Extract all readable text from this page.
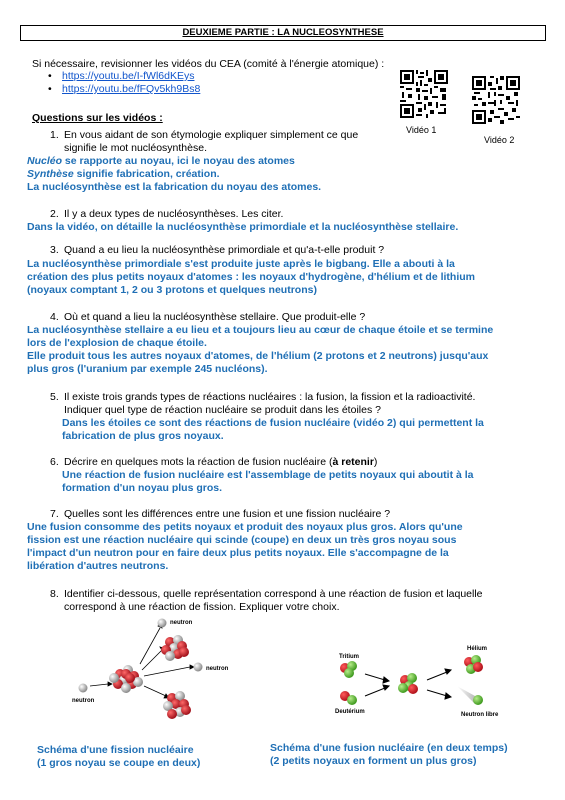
DEUXIEME PARTIE : LA NUCLEOSYNTHESE
Si nécessaire, revisionner les vidéos du CEA (comité à l'énergie atomique) :
• https://youtu.be/I-fWl6dKEys
• https://youtu.be/fFQv5kh9Bs8
Vidéo 1
Vidéo 2
Questions sur les vidéos :
1. En vous aidant de son étymologie expliquer simplement ce que
signifie le mot nucléosynthèse.
Nucléo se rapporte au noyau, ici le noyau des atomes
Synthèse signifie fabrication, création.
La nucléosynthèse est la fabrication du noyau des atomes.
2. Il y a deux types de nucléosynthèses. Les citer.
Dans la vidéo, on détaille la nucléosynthèse primordiale et la nucléosynthèse stellaire.
3. Quand a eu lieu la nucléosynthèse primordiale et qu'a-t-elle produit ?
La nucléosynthèse primordiale s'est produite juste après le bigbang. Elle a abouti à la
création des plus petits noyaux d'atomes : les noyaux d'hydrogène, d'hélium et de lithium
(noyaux comptant 1, 2 ou 3 protons et quelques neutrons)
4. Où et quand a lieu la nucléosynthèse stellaire. Que produit-elle ?
La nucléosynthèse stellaire a eu lieu et a toujours lieu au cœur de chaque étoile et se termine
lors de l'explosion de chaque étoile.
Elle produit tous les autres noyaux d'atomes, de l'hélium (2 protons et 2 neutrons) jusqu'aux
plus gros (l'uranium par exemple 245 nucléons).
5. Il existe trois grands types de réactions nucléaires : la fusion, la fission et la radioactivité.
Indiquer quel type de réaction nucléaire se produit dans les étoiles ?
Dans les étoiles ce sont des réactions de fusion nucléaire (vidéo 2) qui permettent la
fabrication de plus gros noyaux.
6. Décrire en quelques mots la réaction de fusion nucléaire (à retenir)
Une réaction de fusion nucléaire est l'assemblage de petits noyaux qui aboutit à la
formation d'un noyau plus gros.
7. Quelles sont les différences entre une fusion et une fission nucléaire ?
Une fusion consomme des petits noyaux et produit des noyaux plus gros. Alors qu'une
fission est une réaction nucléaire qui scinde (coupe) en deux un très gros noyau sous
l'impact d'un neutron pour en faire deux plus petits noyaux. Elle s'accompagne de la
libération d'autres neutrons.
8. Identifier ci-dessous, quelle représentation correspond à une réaction de fusion et laquelle
correspond à une réaction de fission. Expliquer votre choix.
neutron
neutron
neutron
Tritium
Deutérium
Hélium
Neutron libre
Schéma d'une fission nucléaire
(1 gros noyau se coupe en deux)
Schéma d'une fusion nucléaire (en deux temps)
(2 petits noyaux en forment un plus gros)
